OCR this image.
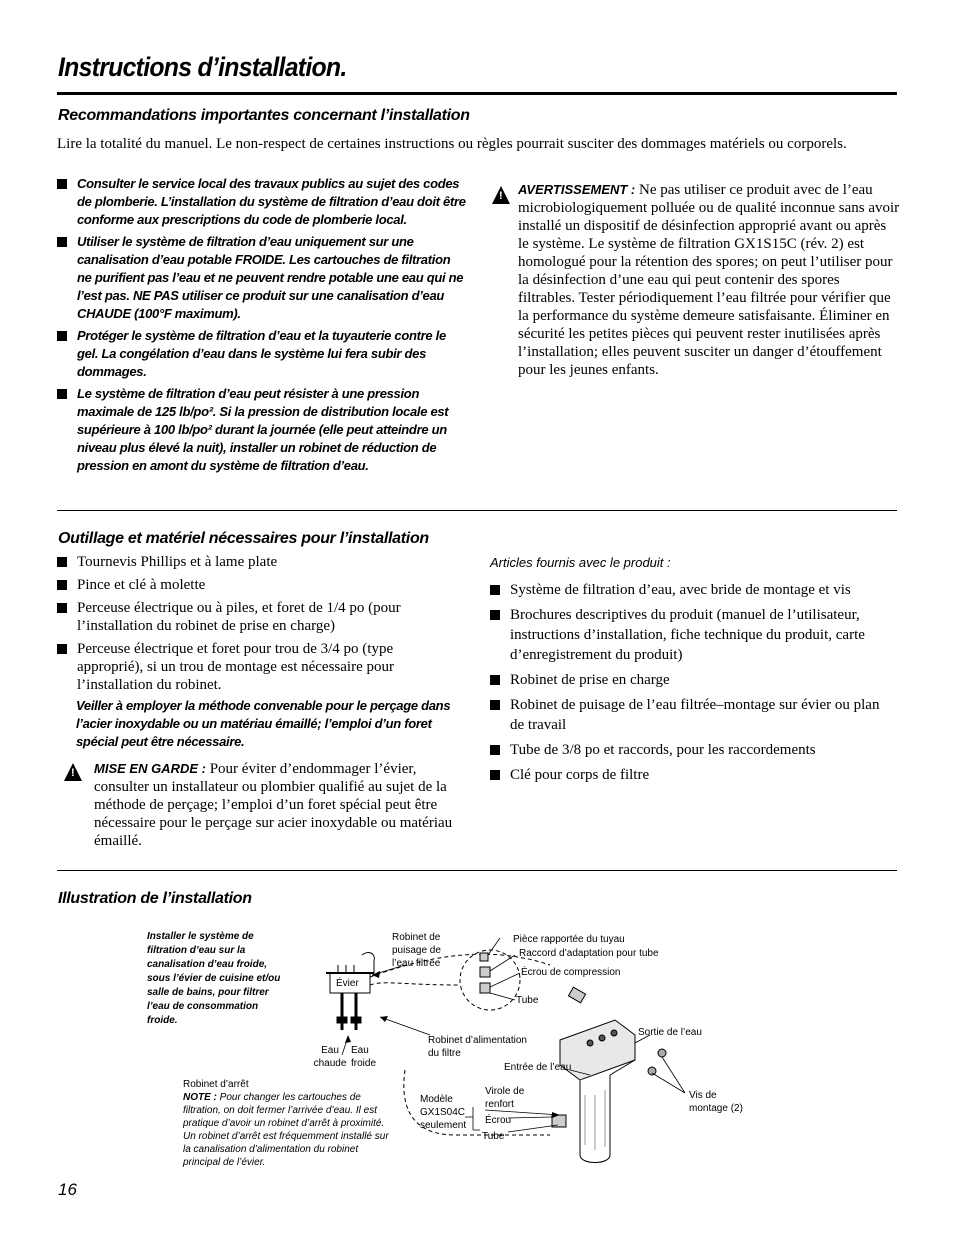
Instructions d’installation.
Recommandations importantes concernant l’installation
Lire la totalité du manuel. Le non-respect de certaines instructions ou règles pourrait susciter des dommages matériels ou corporels.
Consulter le service local des travaux publics au sujet des codes de plomberie. L’installation du système de filtration d’eau doit être conforme aux prescriptions du code de plomberie local.
Utiliser le système de filtration d’eau uniquement sur une canalisation d’eau potable FROIDE. Les cartouches de filtration ne purifient pas l’eau et ne peuvent rendre potable une eau qui ne l’est pas. NE PAS utiliser ce produit sur une canalisation d’eau CHAUDE (100°F maximum).
Protéger le système de filtration d’eau et la tuyauterie contre le gel. La congélation d’eau dans le système lui fera subir des dommages.
Le système de filtration d’eau peut résister à une pression maximale de 125 lb/po². Si la pression de distribution locale est supérieure à 100 lb/po² durant la journée (elle peut atteindre un niveau plus élevé la nuit), installer un robinet de réduction de pression en amont du système de filtration d’eau.
! AVERTISSEMENT : Ne pas utiliser ce produit avec de l’eau microbiologiquement polluée ou de qualité inconnue sans avoir installé un dispositif de désinfection approprié avant ou après le système. Le système de filtration GX1S15C (rév. 2) est homologué pour la rétention des spores; on peut l’utiliser pour la désinfection d’une eau qui peut contenir des spores filtrables. Tester périodiquement l’eau filtrée pour vérifier que la performance du système demeure satisfaisante. Éliminer en sécurité les petites pièces qui peuvent rester inutilisées après l’installation; elles peuvent susciter un danger d’étouffement pour les jeunes enfants.
Outillage et matériel nécessaires pour l’installation
Tournevis Phillips et à lame plate
Pince et clé à molette
Perceuse électrique ou à piles, et foret de 1/4 po (pour l’installation du robinet de prise en charge)
Perceuse électrique et foret pour trou de 3/4 po (type approprié), si un trou de montage est nécessaire pour l’installation du robinet.
Veiller à employer la méthode convenable pour le perçage dans l’acier inoxydable ou un matériau émaillé; l’emploi d’un foret spécial peut être nécessaire.
! MISE EN GARDE : Pour éviter d’endommager l’évier, consulter un installateur ou plombier qualifié au sujet de la méthode de perçage; l’emploi d’un foret spécial peut être nécessaire pour le perçage sur acier inoxydable ou matériau émaillé.
Articles fournis avec le produit :
Système de filtration d’eau, avec bride de montage et vis
Brochures descriptives du produit (manuel de l’utilisateur, instructions d’installation, fiche technique du produit, carte d’enregistrement du produit)
Robinet de prise en charge
Robinet de puisage de l’eau filtrée–montage sur évier ou plan de travail
Tube de 3/8 po et raccords, pour les raccordements
Clé pour corps de filtre
Illustration de l’installation
Installer le système de filtration d’eau sur la canalisation d’eau froide, sous l’évier de cuisine et/ou salle de bains, pour filtrer l’eau de consommation froide.
Évier
Robinet de puisage de l’eau filtrée
Eau chaude
Eau froide
Robinet d’alimentation du filtre
Pièce rapportée du tuyau
Raccord d’adaptation pour tube
Écrou de compression
Tube
Sortie de l’eau
Entrée de l’eau
Vis de montage (2)
Modèle GX1S04C seulement
Virole de renfort
Écrou
Tube
Robinet d’arrêt
NOTE : Pour changer les cartouches de filtration, on doit fermer l’arrivée d’eau. Il est pratique d’avoir un robinet d’arrêt à proximité. Un robinet d’arrêt est fréquemment installé sur la canalisation d’alimentation du robinet principal de l’évier.
16
